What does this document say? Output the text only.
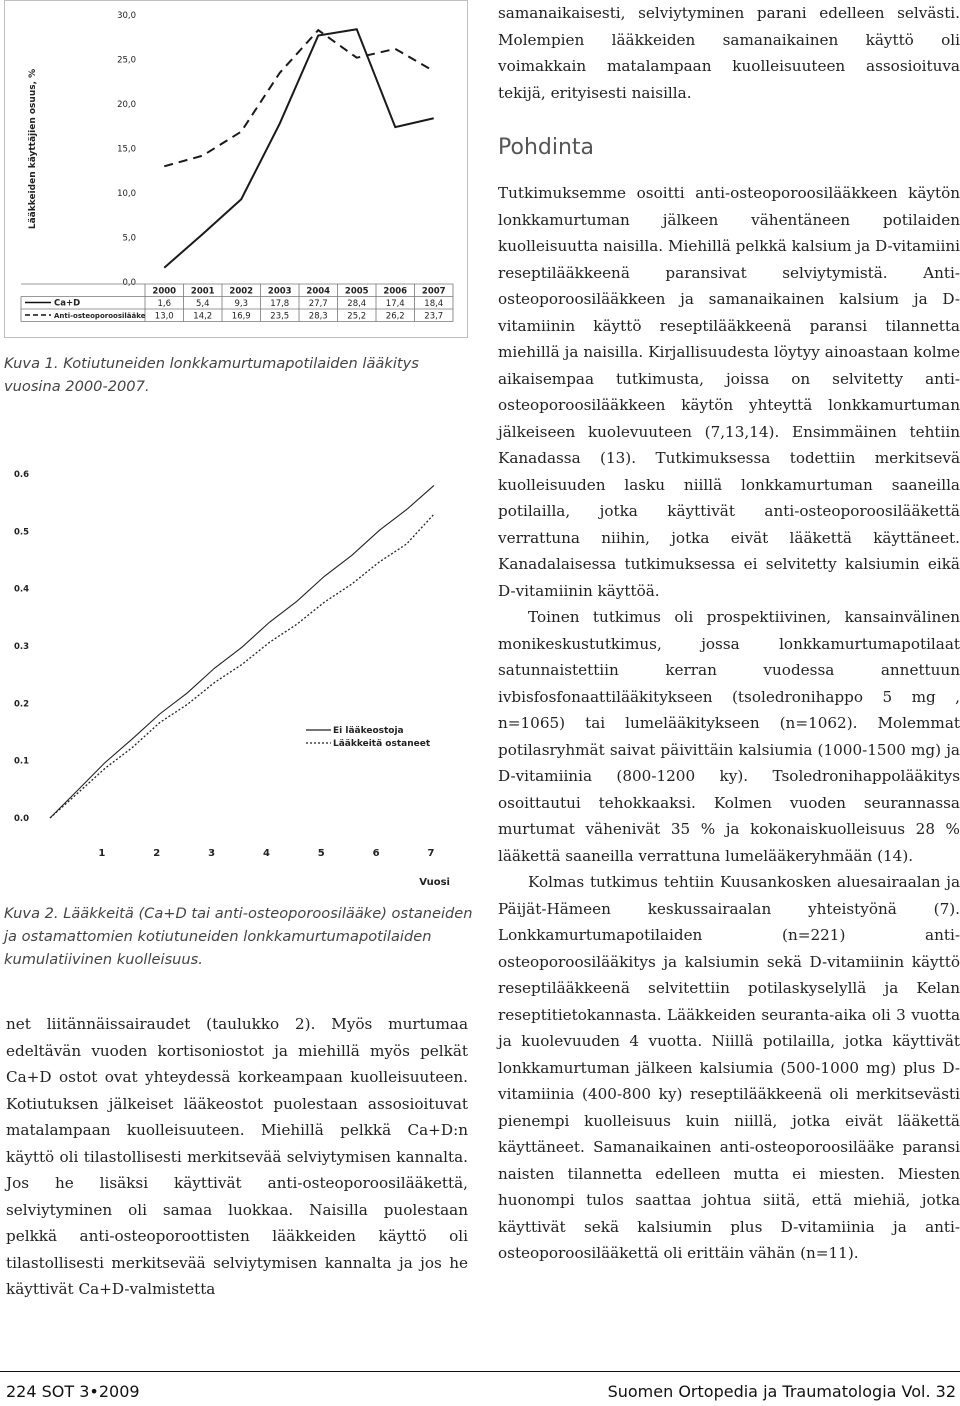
Lääkkeiden käyttäjien osuus, %
0,0
5,0
10,0
15,0
20,0
25,0
30,0
2000 2001 2002 2003 2004 2005 2006 2007
Ca+D	1,6	5,4	9,3	17,8 27,7 28,4 17,4 18,4
Anti-osteoporoosilääke 13,0 14,2 16,9 23,5 28,3 25,2 26,2 23,7
Kuva 1. Kotiutuneiden lonkkamurtumapotilaiden lääkitys vuosina 2000-2007.
0.0
0.1
0.2
0.3
0.4
0.5
0.6
1	2	3	4	5	6	7
Vuosi
Ei lääkeostoja
Lääkkeitä ostaneet
Kuva 2. Lääkkeitä (Ca+D tai anti-osteoporoosilääke) ostaneiden ja ostamattomien kotiutuneiden lonkkamurtumapotilaiden kumulatiivinen kuolleisuus.

net liitännäissairaudet (taulukko 2). Myös murtumaa edeltävän vuoden kortisoniostot ja miehillä myös pelkät Ca+D ostot ovat yhteydessä korkeampaan kuolleisuuteen. Kotiutuksen jälkeiset lääkeostot puolestaan assosioituvat matalampaan kuolleisuuteen. Miehillä pelkkä Ca+D:n käyttö oli tilastollisesti merkitsevää selviytymisen kannalta. Jos he lisäksi käyttivät anti-osteoporoosilääkettä, selviytyminen oli samaa luokkaa. Naisilla puolestaan pelkkä anti-osteoporoottisten lääkkeiden käyttö oli tilastollisesti merkitsevää selviytymisen kannalta ja jos he käyttivät Ca+D-valmistetta

samanaikaisesti, selviytyminen parani edelleen selvästi. Molempien lääkkeiden samanaikainen käyttö oli voimakkain matalampaan kuolleisuuteen assosioituva tekijä, erityisesti naisilla.

Pohdinta

Tutkimuksemme osoitti anti-osteoporoosilääkkeen käytön lonkkamurtuman jälkeen vähentäneen potilaiden kuolleisuutta naisilla. Miehillä pelkkä kalsium ja D-vitamiini reseptilääkkeenä paransivat selviytymistä. Anti-osteoporoosilääkkeen ja samanaikainen kalsium ja D-vitamiinin käyttö reseptilääkkeenä paransi tilannetta miehillä ja naisilla. Kirjallisuudesta löytyy ainoastaan kolme aikaisempaa tutkimusta, joissa on selvitetty anti-osteoporoosilääkkeen käytön yhteyttä lonkkamurtuman jälkeiseen kuolevuuteen (7,13,14). Ensimmäinen tehtiin Kanadassa (13). Tutkimuksessa todettiin merkitsevä kuolleisuuden lasku niillä lonkkamurtuman saaneilla potilailla, jotka käyttivät anti-osteoporoosilääkettä verrattuna niihin, jotka eivät lääkettä käyttäneet. Kanadalaisessa tutkimuksessa ei selvitetty kalsiumin eikä D-vitamiinin käyttöä.

Toinen tutkimus oli prospektiivinen, kansainvälinen monikeskustutkimus, jossa lonkkamurtumapotilaat satunnaistettiin kerran vuodessa annettuun ivbisfosfonaattilääkitykseen (tsoledronihappo 5 mg , n=1065) tai lumelääkitykseen (n=1062). Molemmat potilasryhmät saivat päivittäin kalsiumia (1000-1500 mg) ja D-vitamiinia (800-1200 ky). Tsoledronihappolääkitys osoittautui tehokkaaksi. Kolmen vuoden seurannassa murtumat vähenivät 35 % ja kokonaiskuolleisuus 28 % lääkettä saaneilla verrattuna lumelääkeryhmään (14).

Kolmas tutkimus tehtiin Kuusankosken aluesairaalan ja Päijät-Hämeen keskussairaalan yhteistyönä (7). Lonkkamurtumapotilaiden (n=221) anti-osteoporoosilääkitys ja kalsiumin sekä D-vitamiinin käyttö reseptilääkkeenä selvitettiin potilaskyselyllä ja Kelan reseptitietokannasta. Lääkkeiden seuranta-aika oli 3 vuotta ja kuolevuuden 4 vuotta. Niillä potilailla, jotka käyttivät lonkkamurtuman jälkeen kalsiumia (500-1000 mg) plus D-vitamiinia (400-800 ky) reseptilääkkeenä oli merkitsevästi pienempi kuolleisuus kuin niillä, jotka eivät lääkettä käyttäneet. Samanaikainen anti-osteoporoosilääke paransi naisten tilannetta edelleen mutta ei miesten. Miesten huonompi tulos saattaa johtua siitä, että miehiä, jotka käyttivät sekä kalsiumin plus D-vitamiinia ja anti-osteoporoosilääkettä oli erittäin vähän (n=11).

224 SOT 3•2009	Suomen Ortopedia ja Traumatologia Vol. 32
